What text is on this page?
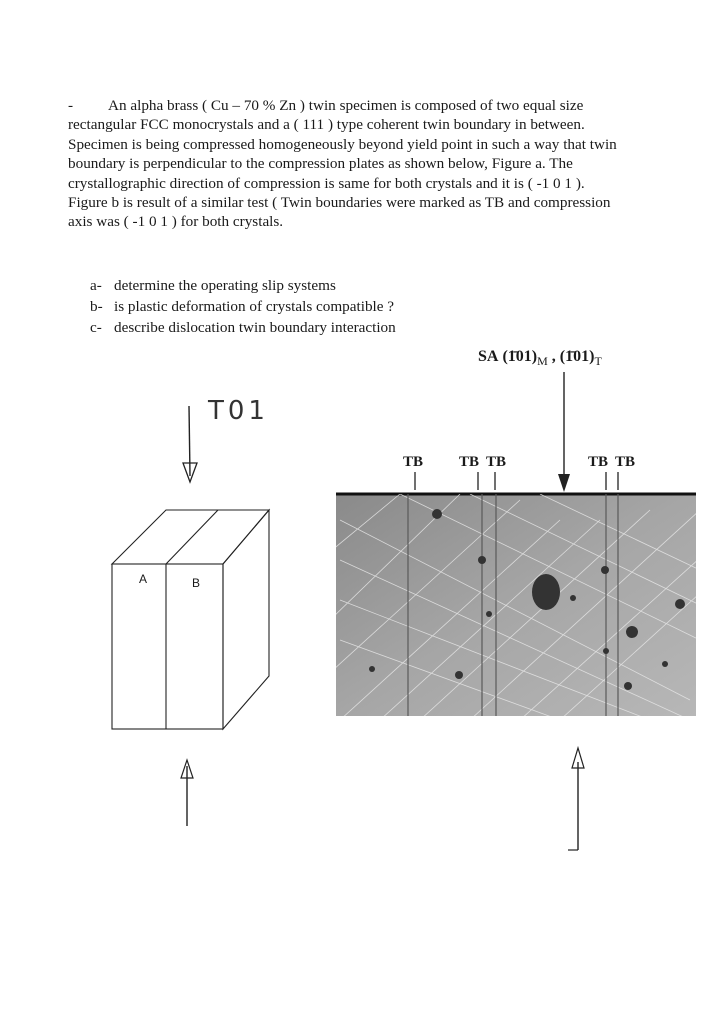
- An alpha brass ( Cu – 70 % Zn ) twin specimen is composed of two equal size rectangular FCC monocrystals and a ( 111 ) type coherent twin boundary in between. Specimen is being compressed homogeneously beyond yield point in such a way that twin boundary is perpendicular to the compression plates as shown below, Figure a. The crystallographic direction of compression is same for both crystals and it is ( -1 0 1 ). Figure b is result of a similar test ( Twin boundaries were marked as TB and compression axis was ( -1 0 1 ) for both crystals.

a- determine the operating slip systems
b- is plastic deformation of crystals compatible ?
c- describe dislocation twin boundary interaction
T01
A	B
SA $(1̄01)_M$ , $(1̄01)_T$
TB TB TB	TB TB
